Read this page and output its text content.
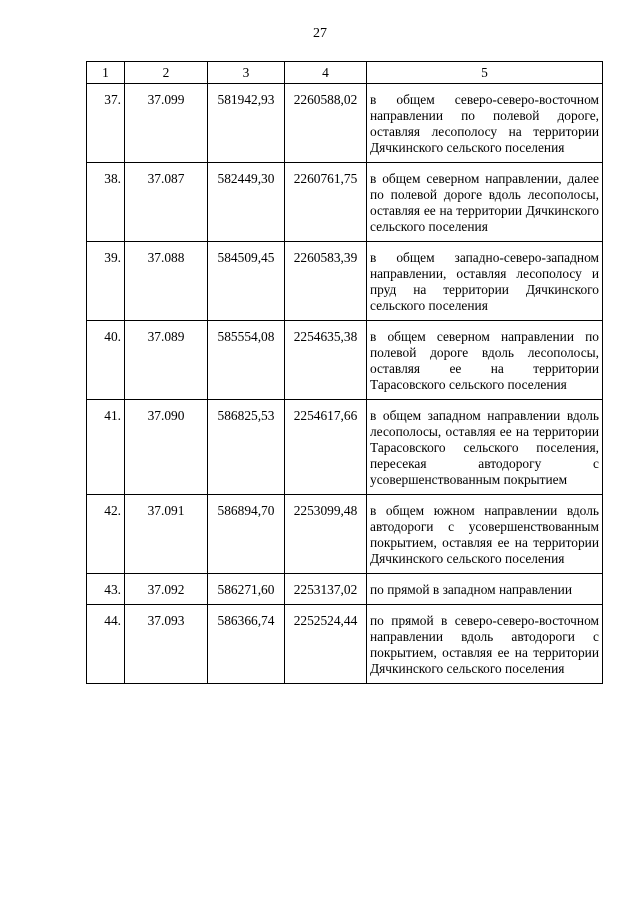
27
1	2	3	4	5
37.	37.099	581942,93	2260588,02	в общем северо-северо-восточном направлении по полевой дороге, оставляя лесополосу на территории Дячкинского сельского поселения
38.	37.087	582449,30	2260761,75	в общем северном направлении, далее по полевой дороге вдоль лесополосы, оставляя ее на территории Дячкинского сельского поселения
39.	37.088	584509,45	2260583,39	в общем западно-северо-западном направлении, оставляя лесополосу и пруд на территории Дячкинского сельского поселения
40.	37.089	585554,08	2254635,38	в общем северном направлении по полевой дороге вдоль лесополосы, оставляя ее на территории Тарасовского сельского поселения
41.	37.090	586825,53	2254617,66	в общем западном направлении вдоль лесополосы, оставляя ее на территории Тарасовского сельского поселения, пересекая автодорогу с усовершенствованным покрытием
42.	37.091	586894,70	2253099,48	в общем южном направлении вдоль автодороги с усовершенствованным покрытием, оставляя ее на территории Дячкинского сельского поселения
43.	37.092	586271,60	2253137,02	по прямой в западном направлении
44.	37.093	586366,74	2252524,44	по прямой в северо-северо-восточном направлении вдоль автодороги с покрытием, оставляя ее на территории Дячкинского сельского поселения
